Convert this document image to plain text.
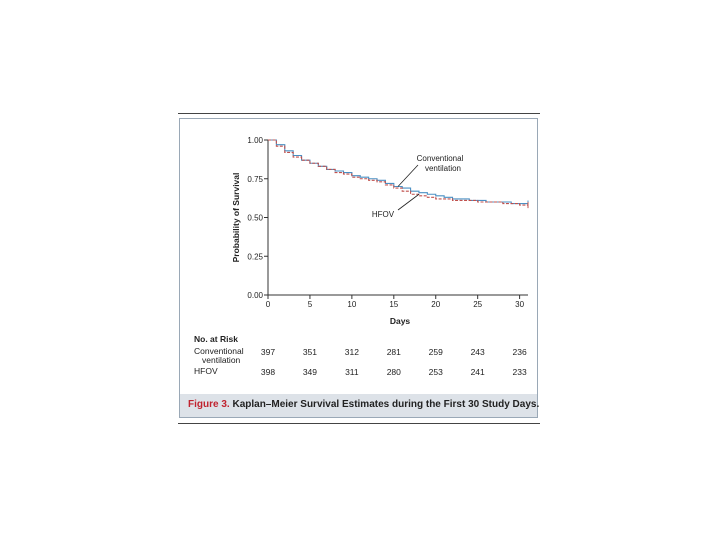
0.00
0.25
0.50
0.75
1.00
0	5	10	15	20	25	30
Days
Probability of Survival
Conventional
ventilation
HFOV
No. at Risk
Conventional
ventilation
397	351	312	281	259	243	236
HFOV	398	349	311	280	253	241	233
Figure 3. Kaplan–Meier Survival Estimates during the First 30 Study Days.
